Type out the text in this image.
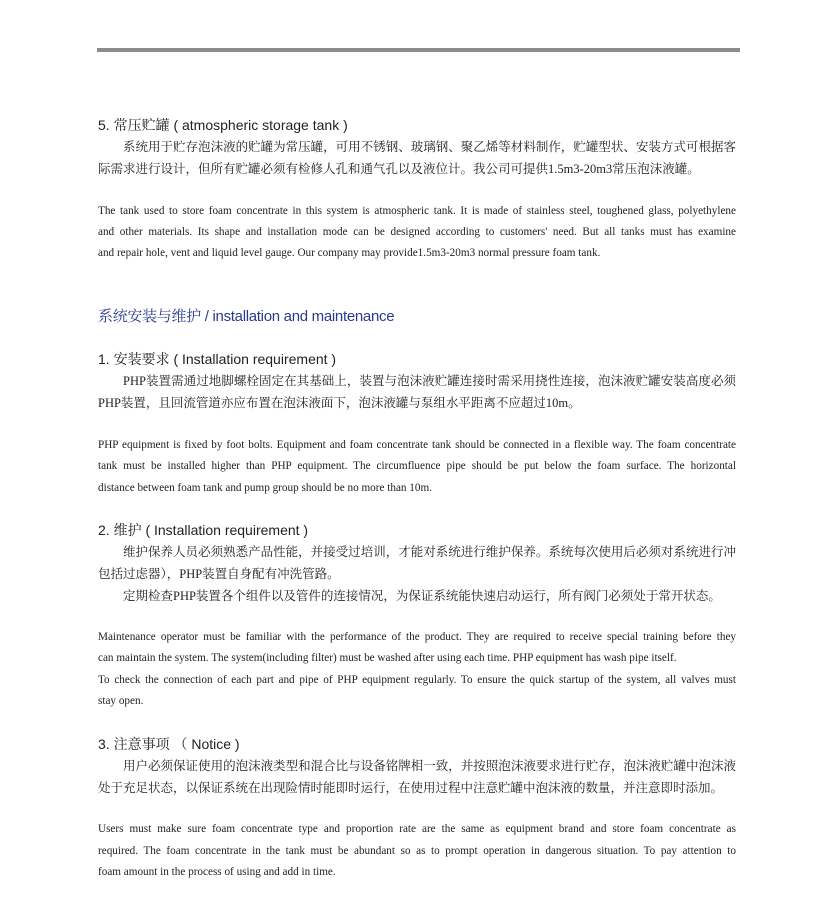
5. 常压贮罐 ( atmospheric storage tank )
系统用于贮存泡沫液的贮罐为常压罐，可用不锈钢、玻璃钢、聚乙烯等材料制作，贮罐型状、安装方式可根据客
际需求进行设计，但所有贮罐必须有检修人孔和通气孔以及液位计。我公司可提供1.5m3-20m3常压泡沫液罐。
The tank used to store foam concentrate in this system is atmospheric tank. It is made of stainless steel, toughened glass, polyethylene
and other materials. Its shape and installation mode can be designed according to customers' need. But all tanks must has examine
and repair hole, vent and liquid level gauge. Our company may provide1.5m3-20m3 normal pressure foam tank.
系统安装与维护 / installation and maintenance
1. 安装要求 ( Installation requirement )
PHP装置需通过地脚螺栓固定在其基础上，装置与泡沫液贮罐连接时需采用挠性连接，泡沫液贮罐安装高度必须
PHP装置，且回流管道亦应布置在泡沫液面下，泡沫液罐与泵组水平距离不应超过10m。
PHP equipment is fixed by foot bolts. Equipment and foam concentrate tank should be connected in a flexible way. The foam concentrate
tank must be installed higher than PHP equipment. The circumfluence pipe should be put below the foam surface. The horizontal
distance between foam tank and pump group should be no more than 10m.
2. 维护 ( Installation requirement )
维护保养人员必须熟悉产品性能，并接受过培训，才能对系统进行维护保养。系统每次使用后必须对系统进行冲
包括过虑器），PHP装置自身配有冲洗管路。
定期检查PHP装置各个组件以及管件的连接情况，为保证系统能快速启动运行，所有阀门必须处于常开状态。
Maintenance operator must be familiar with the performance of the product. They are required to receive special training before they
can maintain the system. The system(including filter) must be washed after using each time. PHP equipment has wash pipe itself.
To check the connection of each part and pipe of PHP equipment regularly. To ensure the quick startup of the system, all valves must
stay open.
3. 注意事项 （ Notice )
用户必须保证使用的泡沫液类型和混合比与设备铭牌相一致，并按照泡沫液要求进行贮存，泡沫液贮罐中泡沫液
处于充足状态，以保证系统在出现险情时能即时运行，在使用过程中注意贮罐中泡沫液的数量，并注意即时添加。
Users must make sure foam concentrate type and proportion rate are the same as equipment brand and store foam concentrate as
required. The foam concentrate in the tank must be abundant so as to prompt operation in dangerous situation. To pay attention to
foam amount in the process of using and add in time.
